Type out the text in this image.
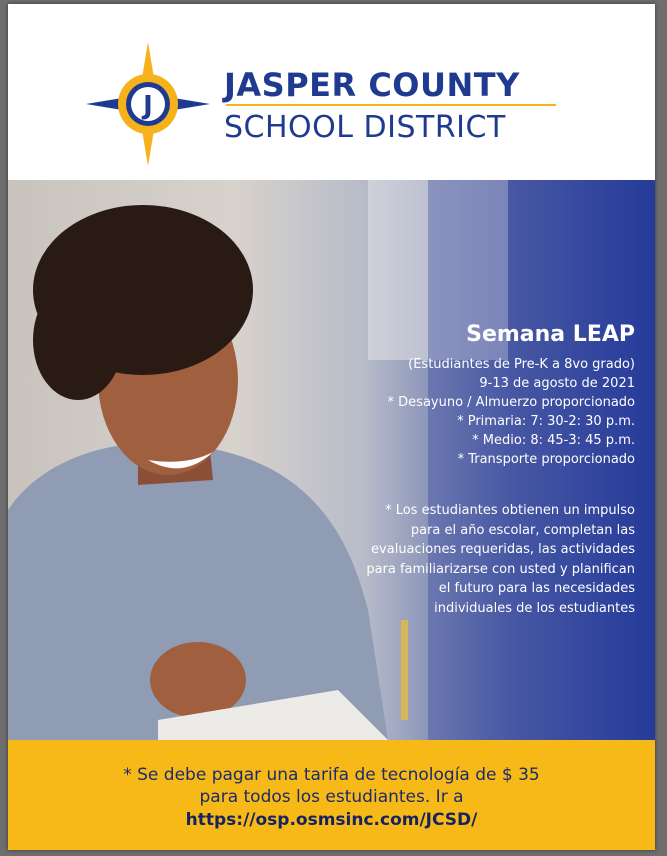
J
JASPER COUNTY
SCHOOL DISTRICT
Semana LEAP
(Estudiantes de Pre-K a 8vo grado)
9-13 de agosto de 2021
* Desayuno / Almuerzo proporcionado
* Primaria: 7: 30-2: 30 p.m.
* Medio: 8: 45-3: 45 p.m.
* Transporte proporcionado
* Los estudiantes obtienen un impulso
para el año escolar, completan las
evaluaciones requeridas, las actividades
para familiarizarse con usted y planifican
el futuro para las necesidades
individuales de los estudiantes
* Se debe pagar una tarifa de tecnología de $ 35
para todos los estudiantes. Ir a
https://osp.osmsinc.com/JCSD/
